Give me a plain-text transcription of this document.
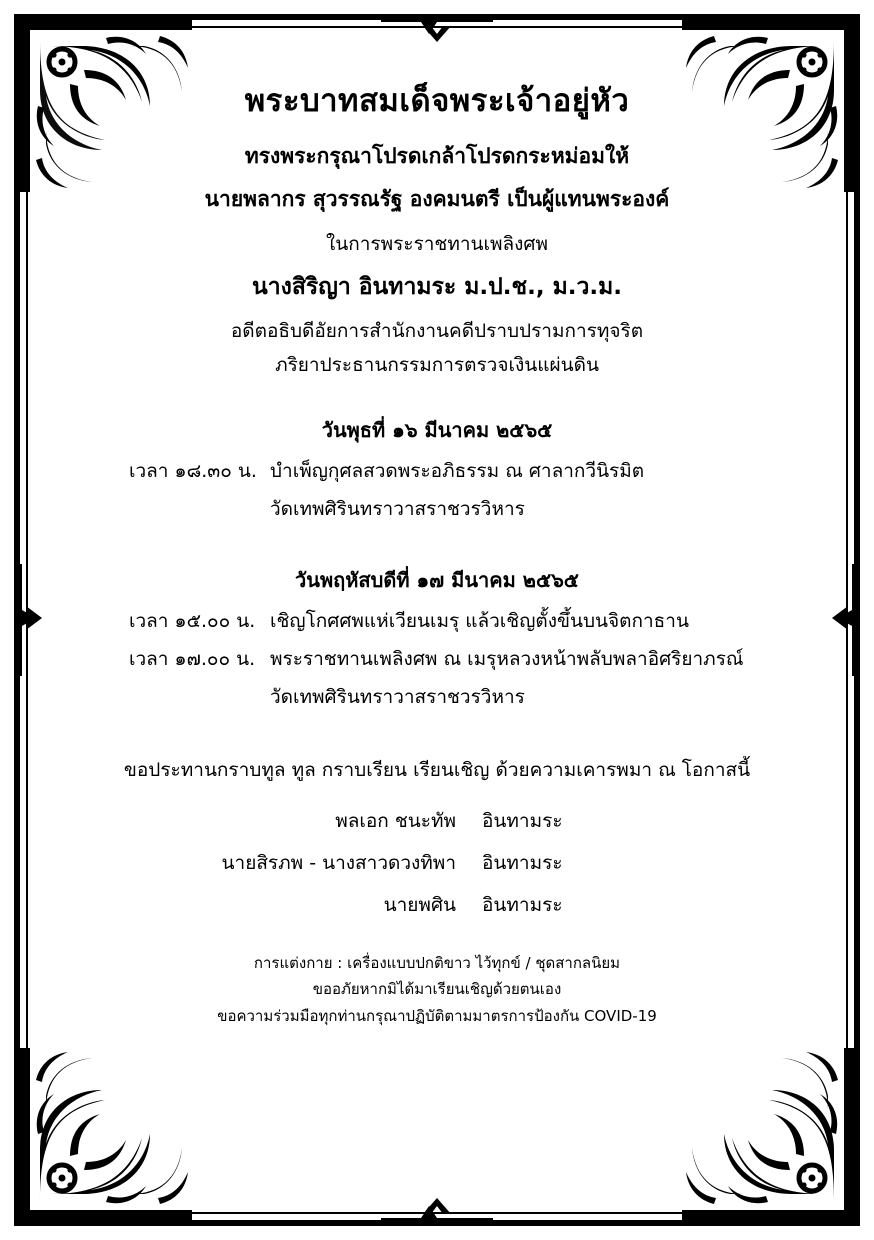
พระบาทสมเด็จพระเจ้าอยู่หัว
ทรงพระกรุณาโปรดเกล้าโปรดกระหม่อมให้
นายพลากร สุวรรณรัฐ องคมนตรี เป็นผู้แทนพระองค์
ในการพระราชทานเพลิงศพ
นางสิริญา อินทามระ ม.ป.ช., ม.ว.ม.
อดีตอธิบดีอัยการสำนักงานคดีปราบปรามการทุจริต
ภริยาประธานกรรมการตรวจเงินแผ่นดิน
วันพุธที่ ๑๖ มีนาคม ๒๕๖๕
เวลา ๑๘.๓๐ น. บำเพ็ญกุศลสวดพระอภิธรรม ณ ศาลากวีนิรมิต
วัดเทพศิรินทราวาสราชวรวิหาร
วันพฤหัสบดีที่ ๑๗ มีนาคม ๒๕๖๕
เวลา ๑๕.๐๐ น. เชิญโกศศพแห่เวียนเมรุ แล้วเชิญตั้งขึ้นบนจิตกาธาน
เวลา ๑๗.๐๐ น. พระราชทานเพลิงศพ ณ เมรุหลวงหน้าพลับพลาอิศริยาภรณ์
วัดเทพศิรินทราวาสราชวรวิหาร
ขอประทานกราบทูล ทูล กราบเรียน เรียนเชิญ ด้วยความเคารพมา ณ โอกาสนี้
พลเอก ชนะทัพ	อินทามระ
นายสิรภพ - นางสาวดวงทิพา	อินทามระ
นายพศิน	อินทามระ
การแต่งกาย : เครื่องแบบปกติขาว ไว้ทุกข์ / ชุดสากลนิยม
ขออภัยหากมิได้มาเรียนเชิญด้วยตนเอง
ขอความร่วมมือทุกท่านกรุณาปฏิบัติตามมาตรการป้องกัน COVID-19
